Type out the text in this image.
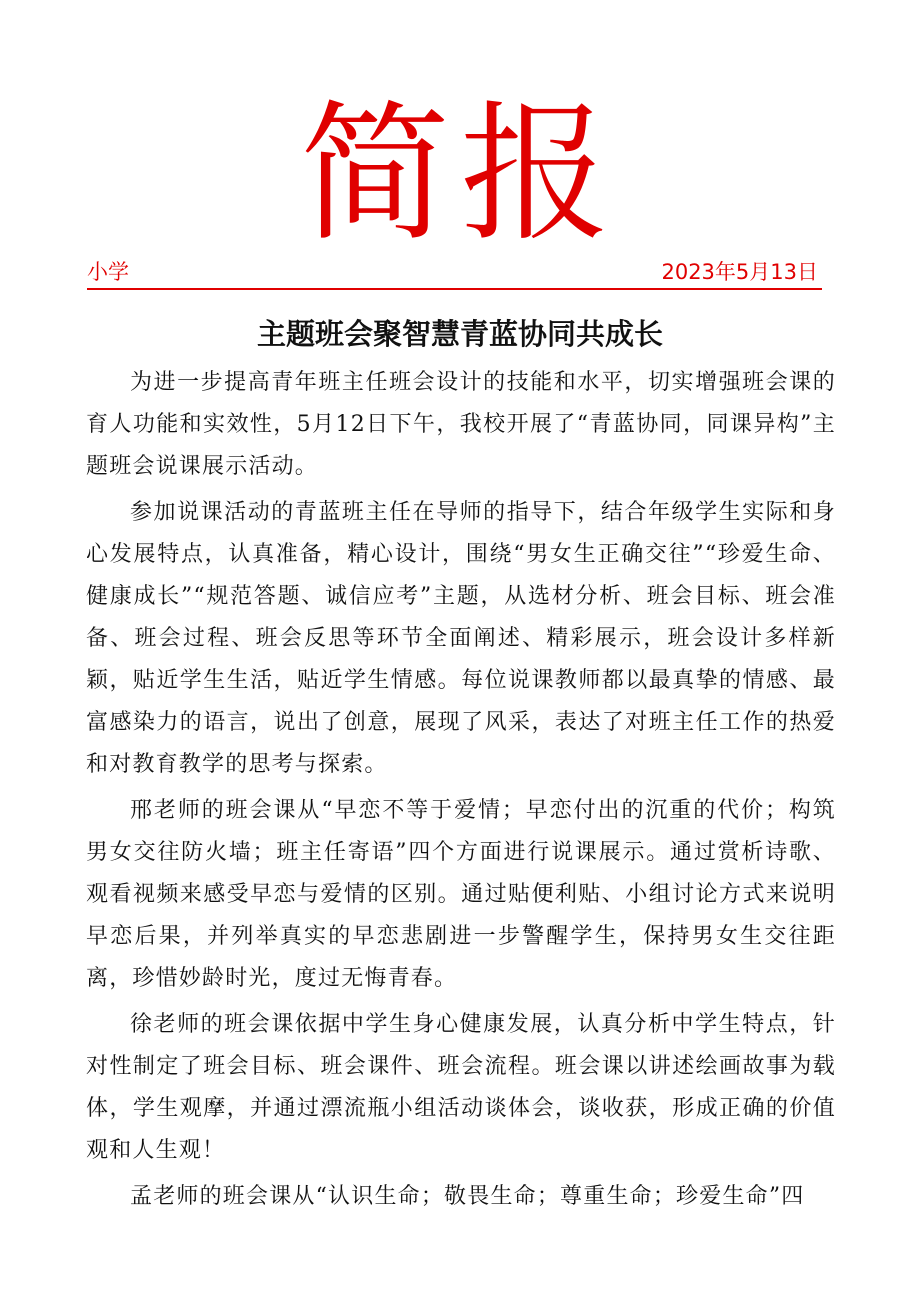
简报
小学	2023年5月13日
主题班会聚智慧青蓝协同共成长

为进一步提高青年班主任班会设计的技能和水平，切实增强班会课的育人功能和实效性，5月12日下午，我校开展了“青蓝协同，同课异构”主题班会说课展示活动。

参加说课活动的青蓝班主任在导师的指导下，结合年级学生实际和身心发展特点，认真准备，精心设计，围绕“男女生正确交往”“珍爱生命、健康成长”“规范答题、诚信应考”主题，从选材分析、班会目标、班会准备、班会过程、班会反思等环节全面阐述、精彩展示，班会设计多样新颖，贴近学生生活，贴近学生情感。每位说课教师都以最真挚的情感、最富感染力的语言，说出了创意，展现了风采，表达了对班主任工作的热爱和对教育教学的思考与探索。

邢老师的班会课从“早恋不等于爱情；早恋付出的沉重的代价；构筑男女交往防火墙；班主任寄语”四个方面进行说课展示。通过赏析诗歌、观看视频来感受早恋与爱情的区别。通过贴便利贴、小组讨论方式来说明早恋后果，并列举真实的早恋悲剧进一步警醒学生，保持男女生交往距离，珍惜妙龄时光，度过无悔青春。

徐老师的班会课依据中学生身心健康发展，认真分析中学生特点，针对性制定了班会目标、班会课件、班会流程。班会课以讲述绘画故事为载体，学生观摩，并通过漂流瓶小组活动谈体会，谈收获，形成正确的价值观和人生观！

孟老师的班会课从“认识生命；敬畏生命；尊重生命；珍爱生命”四
